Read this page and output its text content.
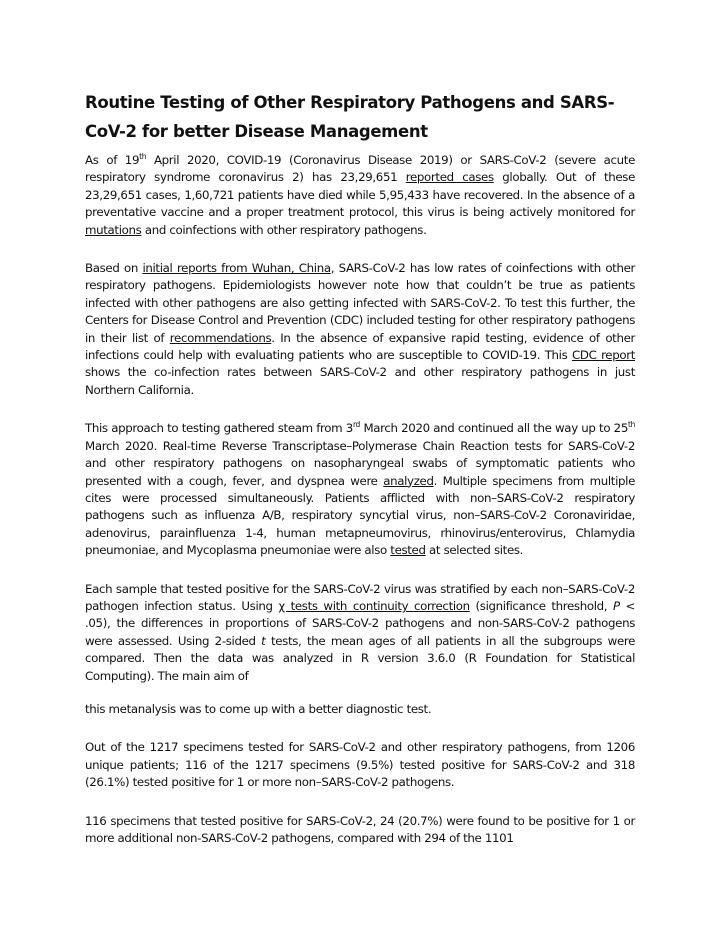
Routine Testing of Other Respiratory Pathogens and SARS-CoV-2 for better Disease Management

As of 19th April 2020, COVID-19 (Coronavirus Disease 2019) or SARS-CoV-2 (severe acute respiratory syndrome coronavirus 2) has 23,29,651 reported cases globally. Out of these 23,29,651 cases, 1,60,721 patients have died while 5,95,433 have recovered. In the absence of a preventative vaccine and a proper treatment protocol, this virus is being actively monitored for mutations and coinfections with other respiratory pathogens.

Based on initial reports from Wuhan, China, SARS-CoV-2 has low rates of coinfections with other respiratory pathogens. Epidemiologists however note how that couldn’t be true as patients infected with other pathogens are also getting infected with SARS-CoV-2. To test this further, the Centers for Disease Control and Prevention (CDC) included testing for other respiratory pathogens in their list of recommendations. In the absence of expansive rapid testing, evidence of other infections could help with evaluating patients who are susceptible to COVID-19. This CDC report shows the co-infection rates between SARS-CoV-2 and other respiratory pathogens in just Northern California.

This approach to testing gathered steam from 3rd March 2020 and continued all the way up to 25th March 2020. Real-time Reverse Transcriptase–Polymerase Chain Reaction tests for SARS-CoV-2 and other respiratory pathogens on nasopharyngeal swabs of symptomatic patients who presented with a cough, fever, and dyspnea were analyzed. Multiple specimens from multiple cites were processed simultaneously. Patients afflicted with non–SARS-CoV-2 respiratory pathogens such as influenza A/B, respiratory syncytial virus, non–SARS-CoV-2 Coronaviridae, adenovirus, parainfluenza 1-4, human metapneumovirus, rhinovirus/enterovirus, Chlamydia pneumoniae, and Mycoplasma pneumoniae were also tested at selected sites.

Each sample that tested positive for the SARS-CoV-2 virus was stratified by each non–SARS-CoV-2 pathogen infection status. Using χ tests with continuity correction (significance threshold, P < .05), the differences in proportions of SARS-CoV-2 pathogens and non-SARS-CoV-2 pathogens were assessed. Using 2-sided t tests, the mean ages of all patients in all the subgroups were compared. Then the data was analyzed in R version 3.6.0 (R Foundation for Statistical Computing). The main aim of

this metanalysis was to come up with a better diagnostic test.

Out of the 1217 specimens tested for SARS-CoV-2 and other respiratory pathogens, from 1206 unique patients; 116 of the 1217 specimens (9.5%) tested positive for SARS-CoV-2 and 318 (26.1%) tested positive for 1 or more non–SARS-CoV-2 pathogens.

116 specimens that tested positive for SARS-CoV-2, 24 (20.7%) were found to be positive for 1 or more additional non-SARS-CoV-2 pathogens, compared with 294 of the 1101
